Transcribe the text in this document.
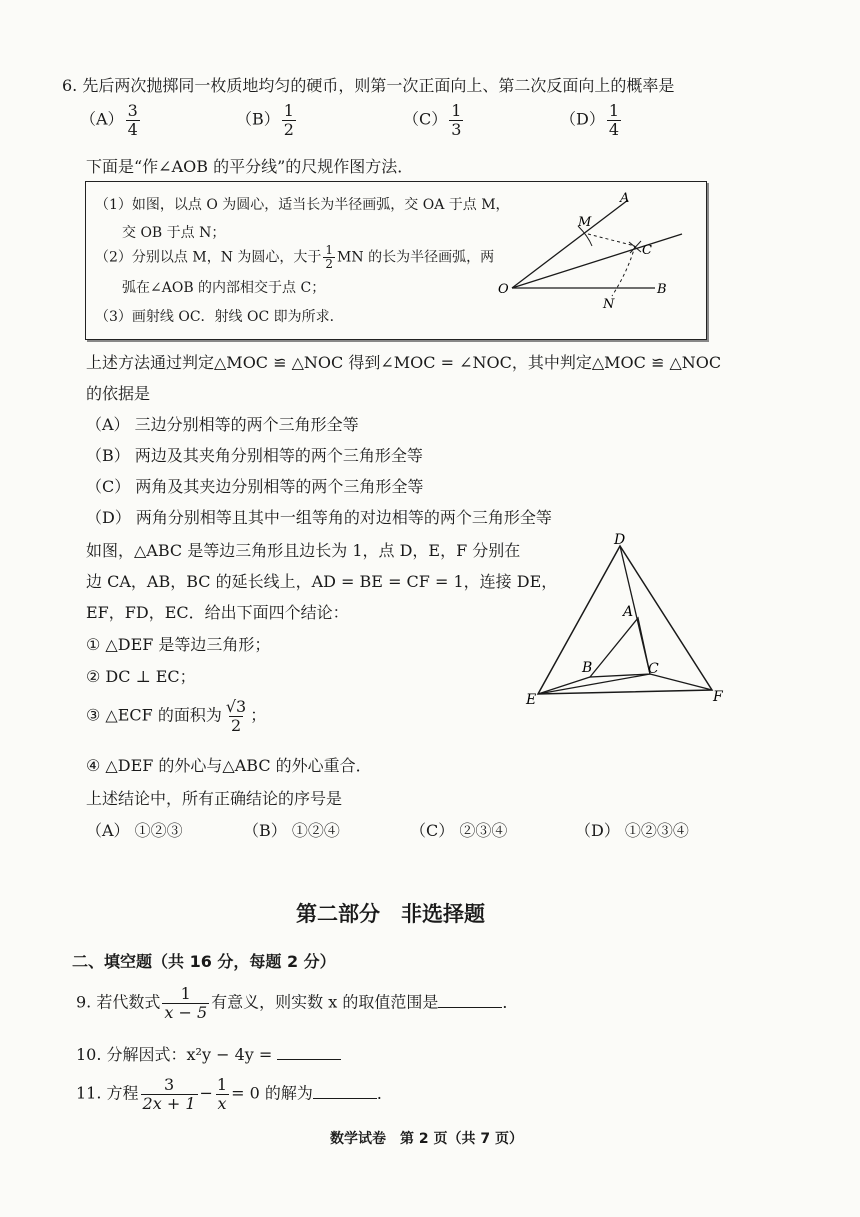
6. 先后两次抛掷同一枚质地均匀的硬币，则第一次正面向上、第二次反面向上的概率是
$(A) \frac{3}{4}$	$(B) \frac{1}{2}$	$(C) \frac{1}{3}$	$(D) \frac{1}{4}$
下面是“作∠AOB 的平分线”的尺规作图方法．
（1）如图，以点 O 为圆心，适当长为半径画弧，交 OA 于点 M，
交 OB 于点 N；
（2）分别以点 M，N 为圆心，大于 $\frac{1}{2}$ MN 的长为半径画弧，两
弧在∠AOB 的内部相交于点 C；
（3）画射线 OC．射线 OC 即为所求．
A
M
C
O
N
B
上述方法通过判定△MOC ≌ △NOC 得到∠MOC = ∠NOC，其中判定△MOC ≌ △NOC
的依据是
（A） 三边分别相等的两个三角形全等
（B） 两边及其夹角分别相等的两个三角形全等
（C） 两角及其夹边分别相等的两个三角形全等
（D） 两角分别相等且其中一组等角的对边相等的两个三角形全等
如图，△ABC 是等边三角形且边长为 1，点 D，E，F 分别在
边 CA，AB，BC 的延长线上，AD = BE = CF = 1，连接 DE，
EF，FD，EC．给出下面四个结论：
① △DEF 是等边三角形；
② DC ⊥ EC；
③ △ECF 的面积为 $\frac{√3}{2}$ ；
④ △DEF 的外心与△ABC 的外心重合．
上述结论中，所有正确结论的序号是
（A） ①②③	（B） ①②④	（C） ②③④	（D） ①②③④
D
A
B	C
E	F
第二部分　非选择题
二、填空题（共 16 分，每题 2 分）
9. 若代数式 $\frac{1}{x - 5}$ 有意义，则实数 x 的取值范围是	．
10. 分解因式：x²y − 4y =
11. 方程 $\frac{3}{2x + 1} - \frac{1}{x} = 0$ 的解为	．
数学试卷　第 2 页（共 7 页）
